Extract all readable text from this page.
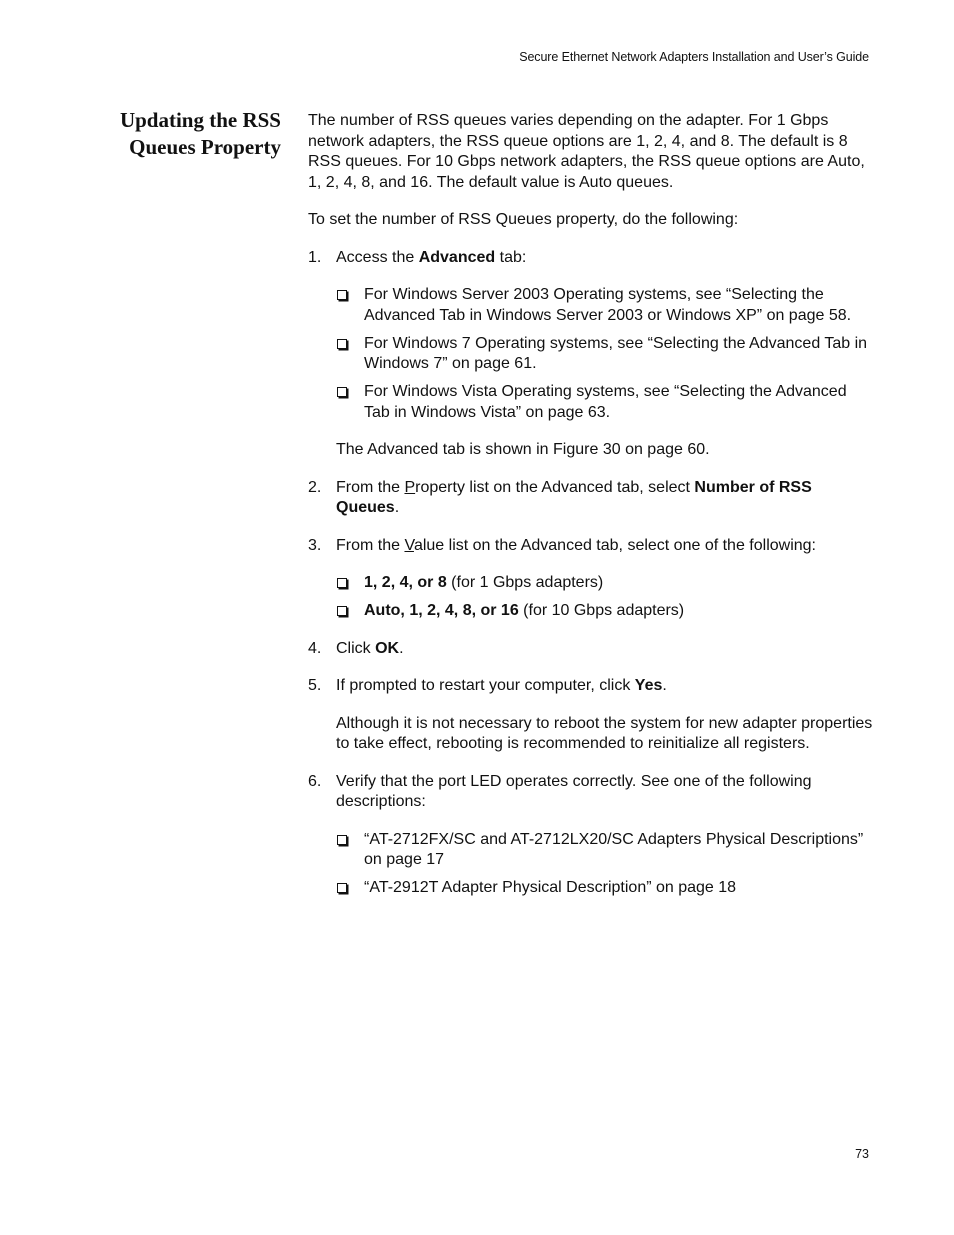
Secure Ethernet Network Adapters Installation and User’s Guide
Updating the RSS
Queues Property

The number of RSS queues varies depending on the adapter. For 1 Gbps network adapters, the RSS queue options are 1, 2, 4, and 8. The default is 8 RSS queues. For 10 Gbps network adapters, the RSS queue options are Auto, 1, 2, 4, 8, and 16. The default value is Auto queues.

To set the number of RSS Queues property, do the following:

1. Access the Advanced tab:

For Windows Server 2003 Operating systems, see “Selecting the Advanced Tab in Windows Server 2003 or Windows XP” on page 58.
For Windows 7 Operating systems, see “Selecting the Advanced Tab in Windows 7” on page 61.
For Windows Vista Operating systems, see “Selecting the Advanced Tab in Windows Vista” on page 63.

The Advanced tab is shown in Figure 30 on page 60.

2. From the Property list on the Advanced tab, select Number of RSS Queues.

3. From the Value list on the Advanced tab, select one of the following:

1, 2, 4, or 8 (for 1 Gbps adapters)
Auto, 1, 2, 4, 8, or 16 (for 10 Gbps adapters)
4. Click OK.

5. If prompted to restart your computer, click Yes.

Although it is not necessary to reboot the system for new adapter properties to take effect, rebooting is recommended to reinitialize all registers.

6. Verify that the port LED operates correctly. See one of the following descriptions:

“AT-2712FX/SC and AT-2712LX20/SC Adapters Physical Descriptions” on page 17
“AT-2912T Adapter Physical Description” on page 18
73
